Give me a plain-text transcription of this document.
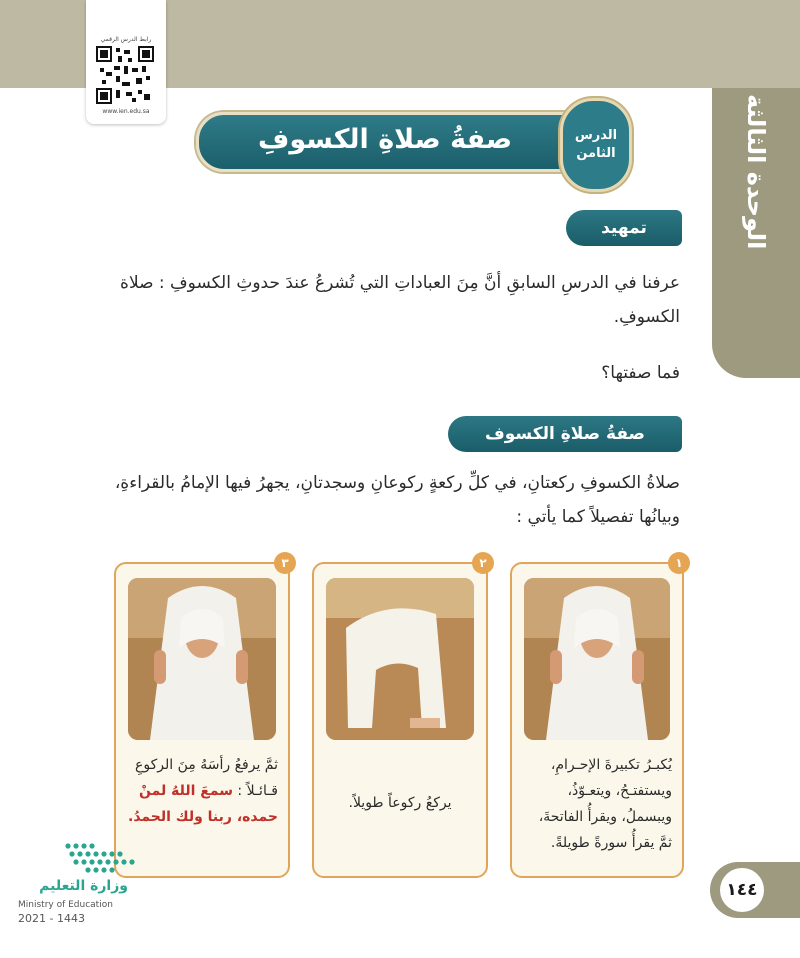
الوحدة الثالثة
رابط الدرس الرقمي
www.ien.edu.sa
صفةُ صلاةِ الكسوفِ	الدرس
الثامن
تمهيد
عرفنا في الدرسِ السابقِ أنَّ مِنَ العباداتِ التي تُشرعُ عندَ حدوثِ الكسوفِ : صلاة الكسوفِ.
فما صفتها؟
صفةُ صلاةِ الكسوف
صلاةُ الكسوفِ ركعتانِ، في كلِّ ركعةٍ ركوعانِ وسجدتانِ، يجهرُ فيها الإمامُ بالقراءةِ، وبيانُها تفصيلاً كما يأتي :
١
يُكبـرُ تكبيرةَ الإحـرامِ، ويستفتـحُ، ويتعـوّذُ، ويبسملُ، ويقرأُ الفاتحةَ، ثمَّ يقرأُ سورةً طويلةً.
٢
يركعُ ركوعاً طويلاً.
٣
ثمَّ يرفعُ رأسَهُ مِنَ الركوعِ قـائـلاً : سمعَ اللهُ لمنْ حمده، ربنا ولك الحمدُ.
وزارة التعليم
Ministry of Education
2021 - 1443
١٤٤
